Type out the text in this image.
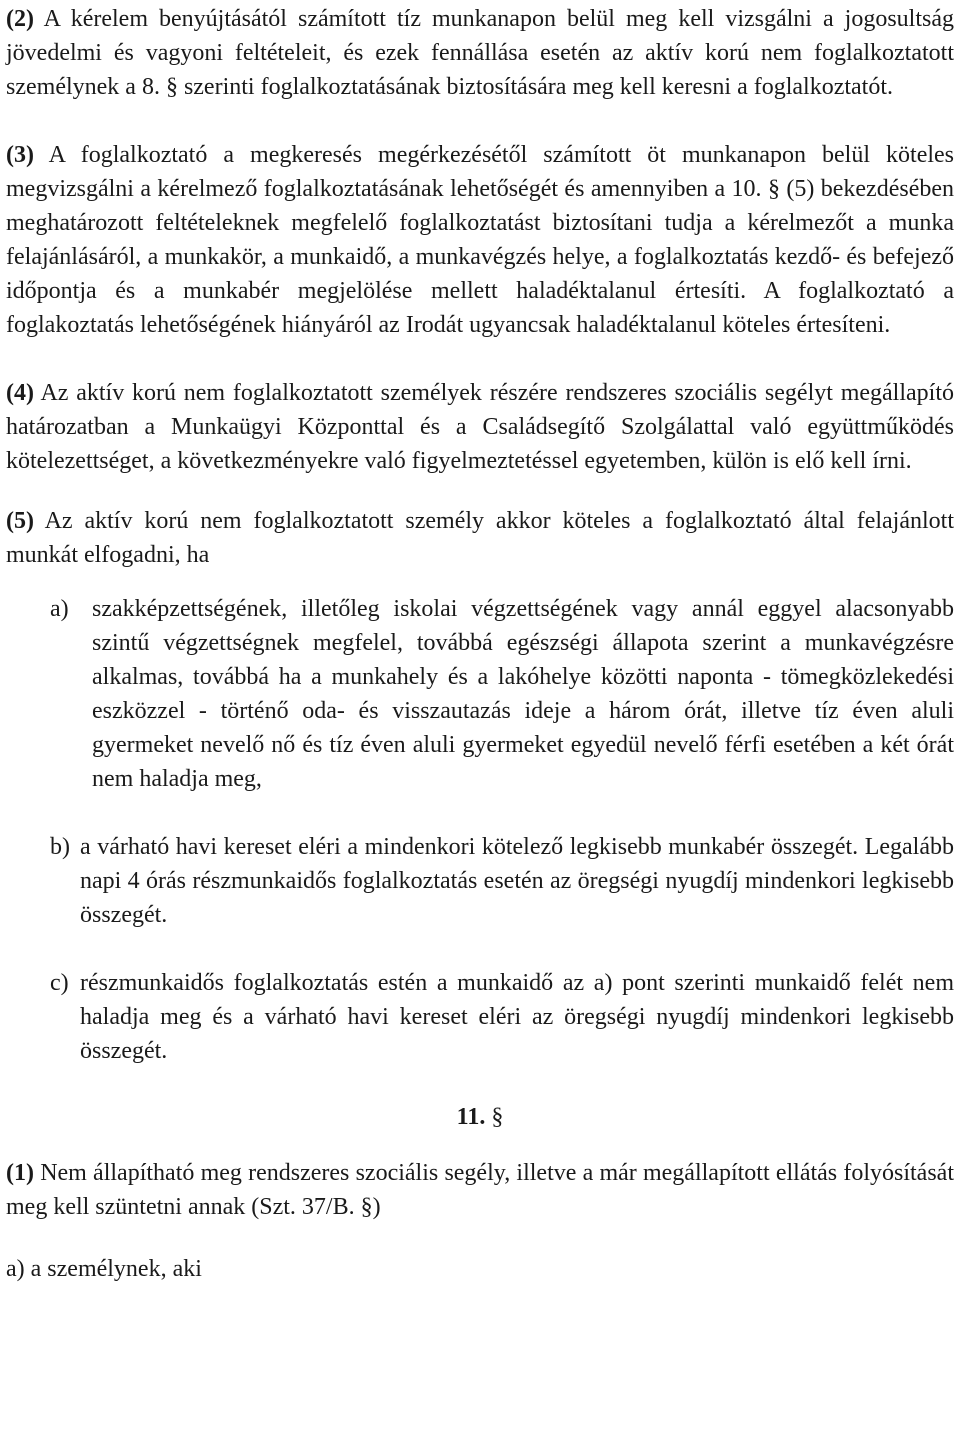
(2) A kérelem benyújtásától számított tíz munkanapon belül meg kell vizsgálni a jogosultság jövedelmi és vagyoni feltételeit, és ezek fennállása esetén az aktív korú nem foglalkoztatott személynek a 8. § szerinti foglalkoztatásának biztosítására meg kell keresni a foglalkoztatót.

(3) A foglalkoztató a megkeresés megérkezésétől számított öt munkanapon belül köteles megvizsgálni a kérelmező foglalkoztatásának lehetőségét és amennyiben a 10. § (5) bekezdésében meghatározott feltételeknek megfelelő foglalkoztatást biztosítani tudja a kérelmezőt a munka felajánlásáról, a munkakör, a munkaidő, a munkavégzés helye, a foglalkoztatás kezdő- és befejező időpontja és a munkabér megjelölése mellett haladéktalanul értesíti. A foglalkoztató a foglakoztatás lehetőségének hiányáról az Irodát ugyancsak haladéktalanul köteles értesíteni.

(4) Az aktív korú nem foglalkoztatott személyek részére rendszeres szociális segélyt megállapító határozatban a Munkaügyi Központtal és a Családsegítő Szolgálattal való együttműködés kötelezettséget, a következményekre való figyelmeztetéssel egyetemben, külön is elő kell írni.

(5) Az aktív korú nem foglalkoztatott személy akkor köteles a foglalkoztató által felajánlott munkát elfogadni, ha

a) szakképzettségének, illetőleg iskolai végzettségének vagy annál eggyel alacsonyabb szintű végzettségnek megfelel, továbbá egészségi állapota szerint a munkavégzésre alkalmas, továbbá ha a munkahely és a lakóhelye közötti naponta - tömegközlekedési eszközzel - történő oda- és visszautazás ideje a három órát, illetve tíz éven aluli gyermeket nevelő nő és tíz éven aluli gyermeket egyedül nevelő férfi esetében a két órát nem haladja meg,
b) a várható havi kereset eléri a mindenkori kötelező legkisebb munkabér összegét. Legalább napi 4 órás részmunkaidős foglalkoztatás esetén az öregségi nyugdíj mindenkori legkisebb összegét.
c) részmunkaidős foglalkoztatás estén a munkaidő az a) pont szerinti munkaidő felét nem haladja meg és a várható havi kereset eléri az öregségi nyugdíj mindenkori legkisebb összegét.

11. §

(1) Nem állapítható meg rendszeres szociális segély, illetve a már megállapított ellátás folyósítását meg kell szüntetni annak (Szt. 37/B. §)

a) a személynek, aki
